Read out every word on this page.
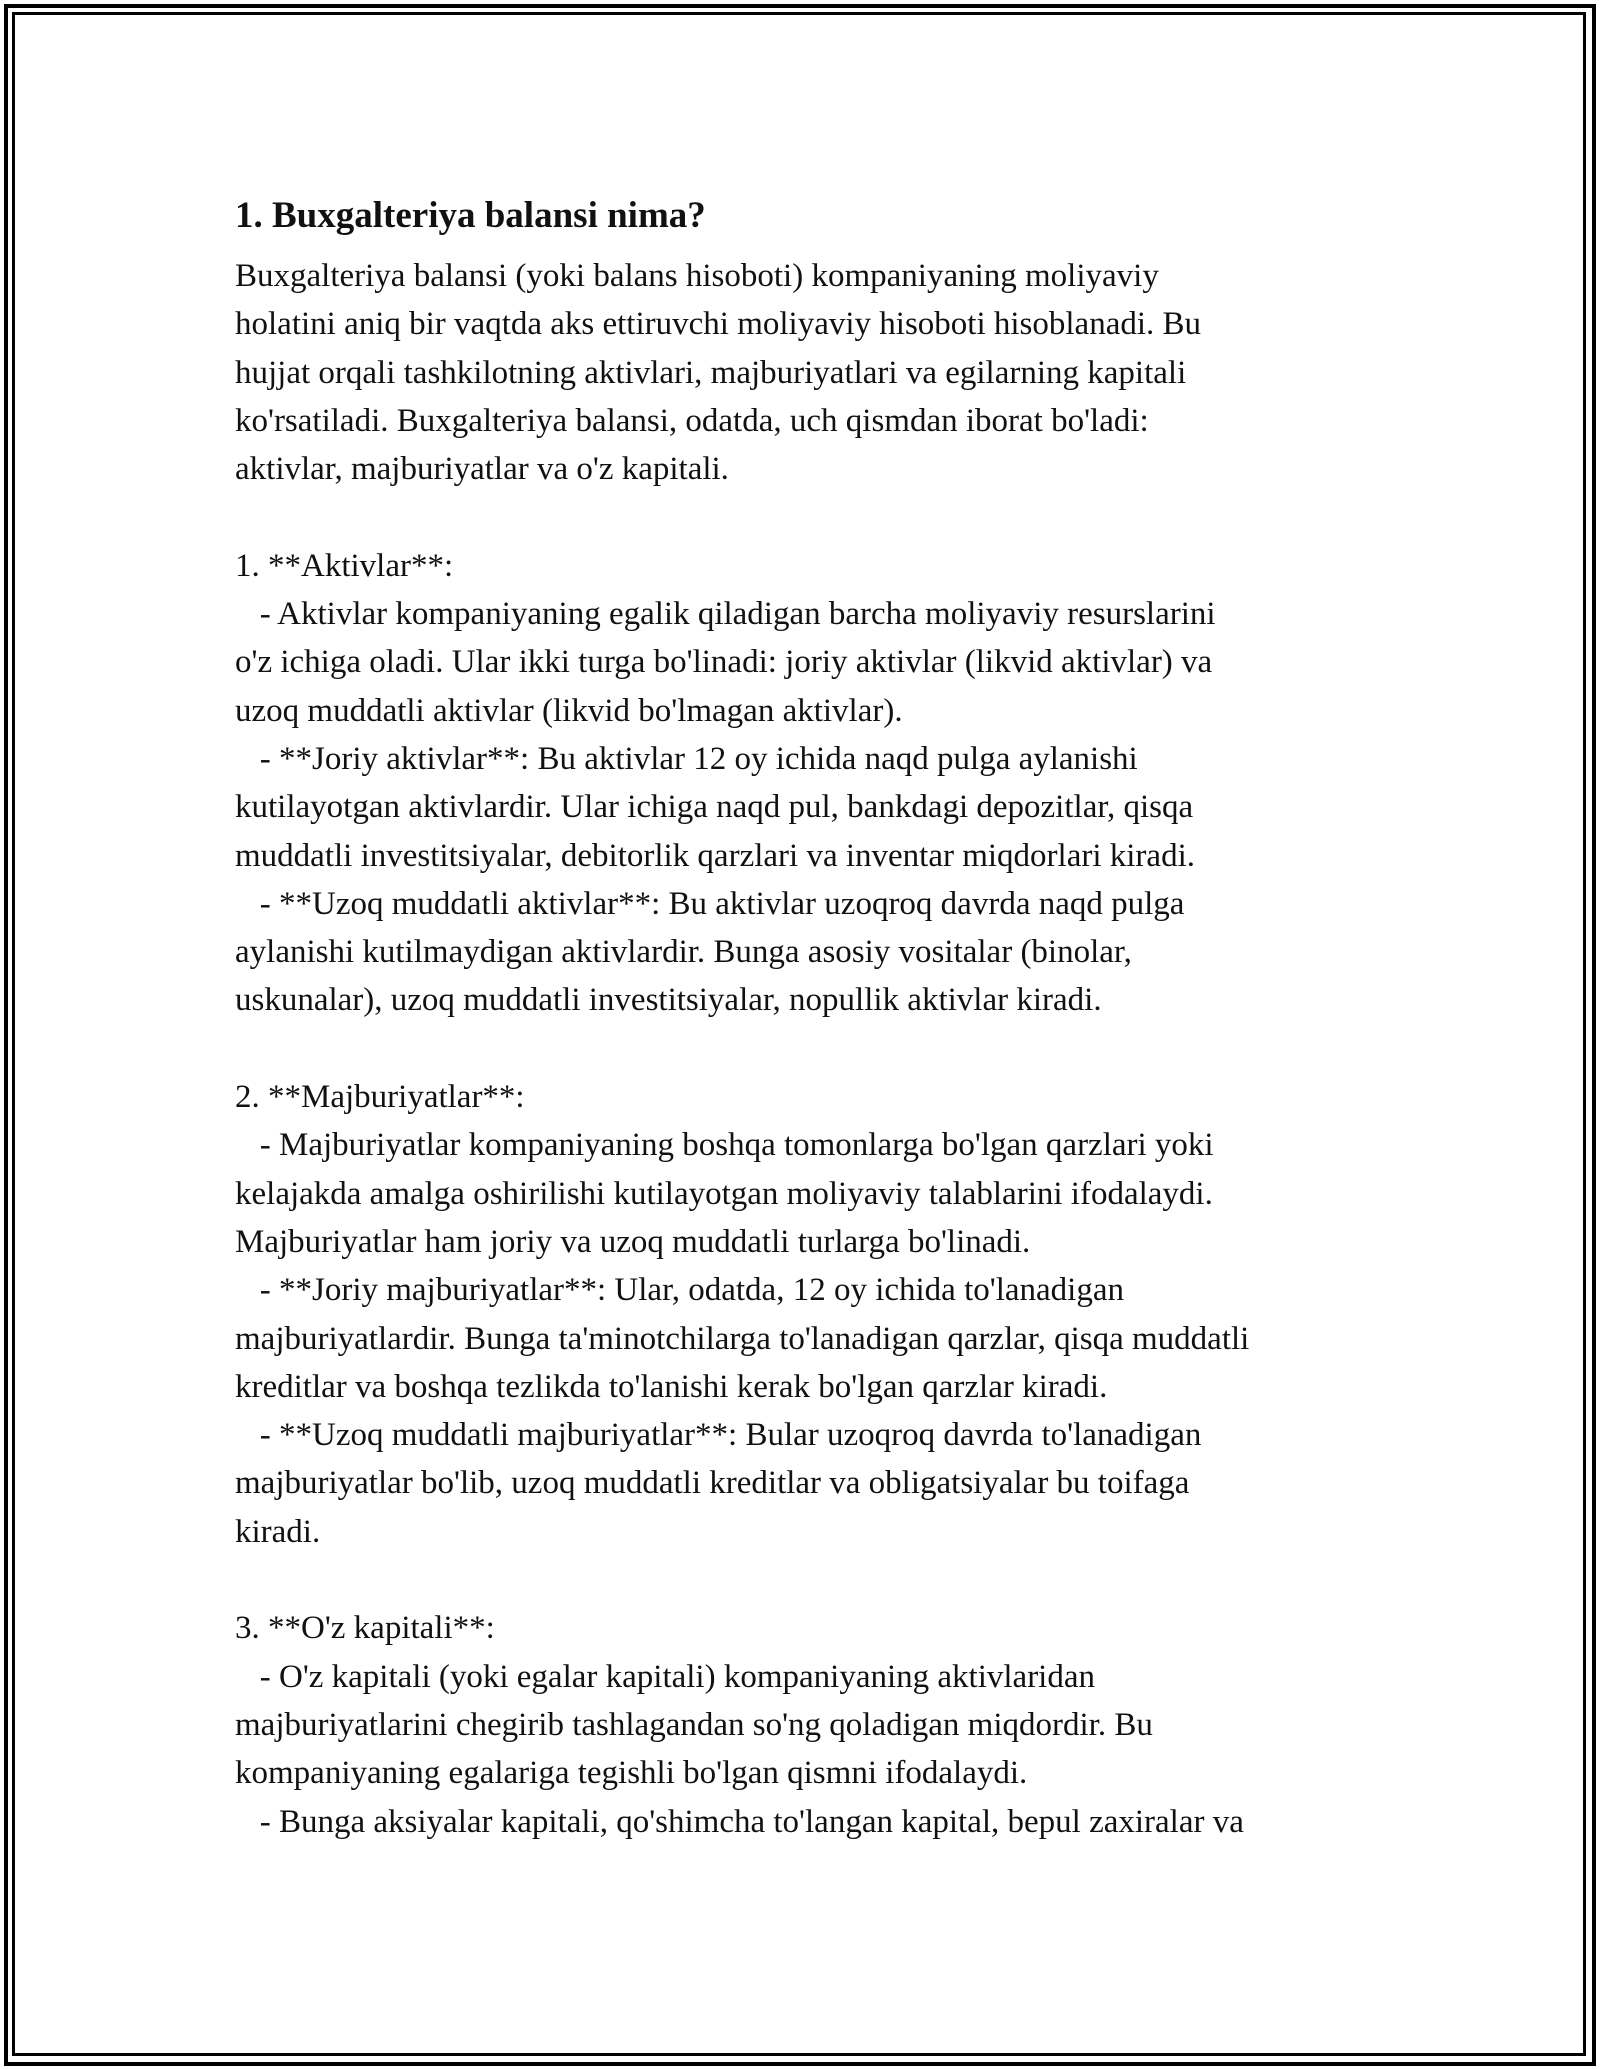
1. Buxgalteriya balansi nima?

Buxgalteriya balansi (yoki balans hisoboti) kompaniyaning moliyaviy

holatini aniq bir vaqtda aks ettiruvchi moliyaviy hisoboti hisoblanadi. Bu

hujjat orqali tashkilotning aktivlari, majburiyatlari va egilarning kapitali

ko'rsatiladi. Buxgalteriya balansi, odatda, uch qismdan iborat bo'ladi:

aktivlar, majburiyatlar va o'z kapitali.

1. **Aktivlar**:

- Aktivlar kompaniyaning egalik qiladigan barcha moliyaviy resurslarini

o'z ichiga oladi. Ular ikki turga bo'linadi: joriy aktivlar (likvid aktivlar) va

uzoq muddatli aktivlar (likvid bo'lmagan aktivlar).

- **Joriy aktivlar**: Bu aktivlar 12 oy ichida naqd pulga aylanishi

kutilayotgan aktivlardir. Ular ichiga naqd pul, bankdagi depozitlar, qisqa

muddatli investitsiyalar, debitorlik qarzlari va inventar miqdorlari kiradi.

- **Uzoq muddatli aktivlar**: Bu aktivlar uzoqroq davrda naqd pulga

aylanishi kutilmaydigan aktivlardir. Bunga asosiy vositalar (binolar,

uskunalar), uzoq muddatli investitsiyalar, nopullik aktivlar kiradi.

2. **Majburiyatlar**:

- Majburiyatlar kompaniyaning boshqa tomonlarga bo'lgan qarzlari yoki

kelajakda amalga oshirilishi kutilayotgan moliyaviy talablarini ifodalaydi.

Majburiyatlar ham joriy va uzoq muddatli turlarga bo'linadi.

- **Joriy majburiyatlar**: Ular, odatda, 12 oy ichida to'lanadigan

majburiyatlardir. Bunga ta'minotchilarga to'lanadigan qarzlar, qisqa muddatli

kreditlar va boshqa tezlikda to'lanishi kerak bo'lgan qarzlar kiradi.

- **Uzoq muddatli majburiyatlar**: Bular uzoqroq davrda to'lanadigan

majburiyatlar bo'lib, uzoq muddatli kreditlar va obligatsiyalar bu toifaga

kiradi.

3. **O'z kapitali**:

- O'z kapitali (yoki egalar kapitali) kompaniyaning aktivlaridan

majburiyatlarini chegirib tashlagandan so'ng qoladigan miqdordir. Bu

kompaniyaning egalariga tegishli bo'lgan qismni ifodalaydi.

- Bunga aksiyalar kapitali, qo'shimcha to'langan kapital, bepul zaxiralar va
